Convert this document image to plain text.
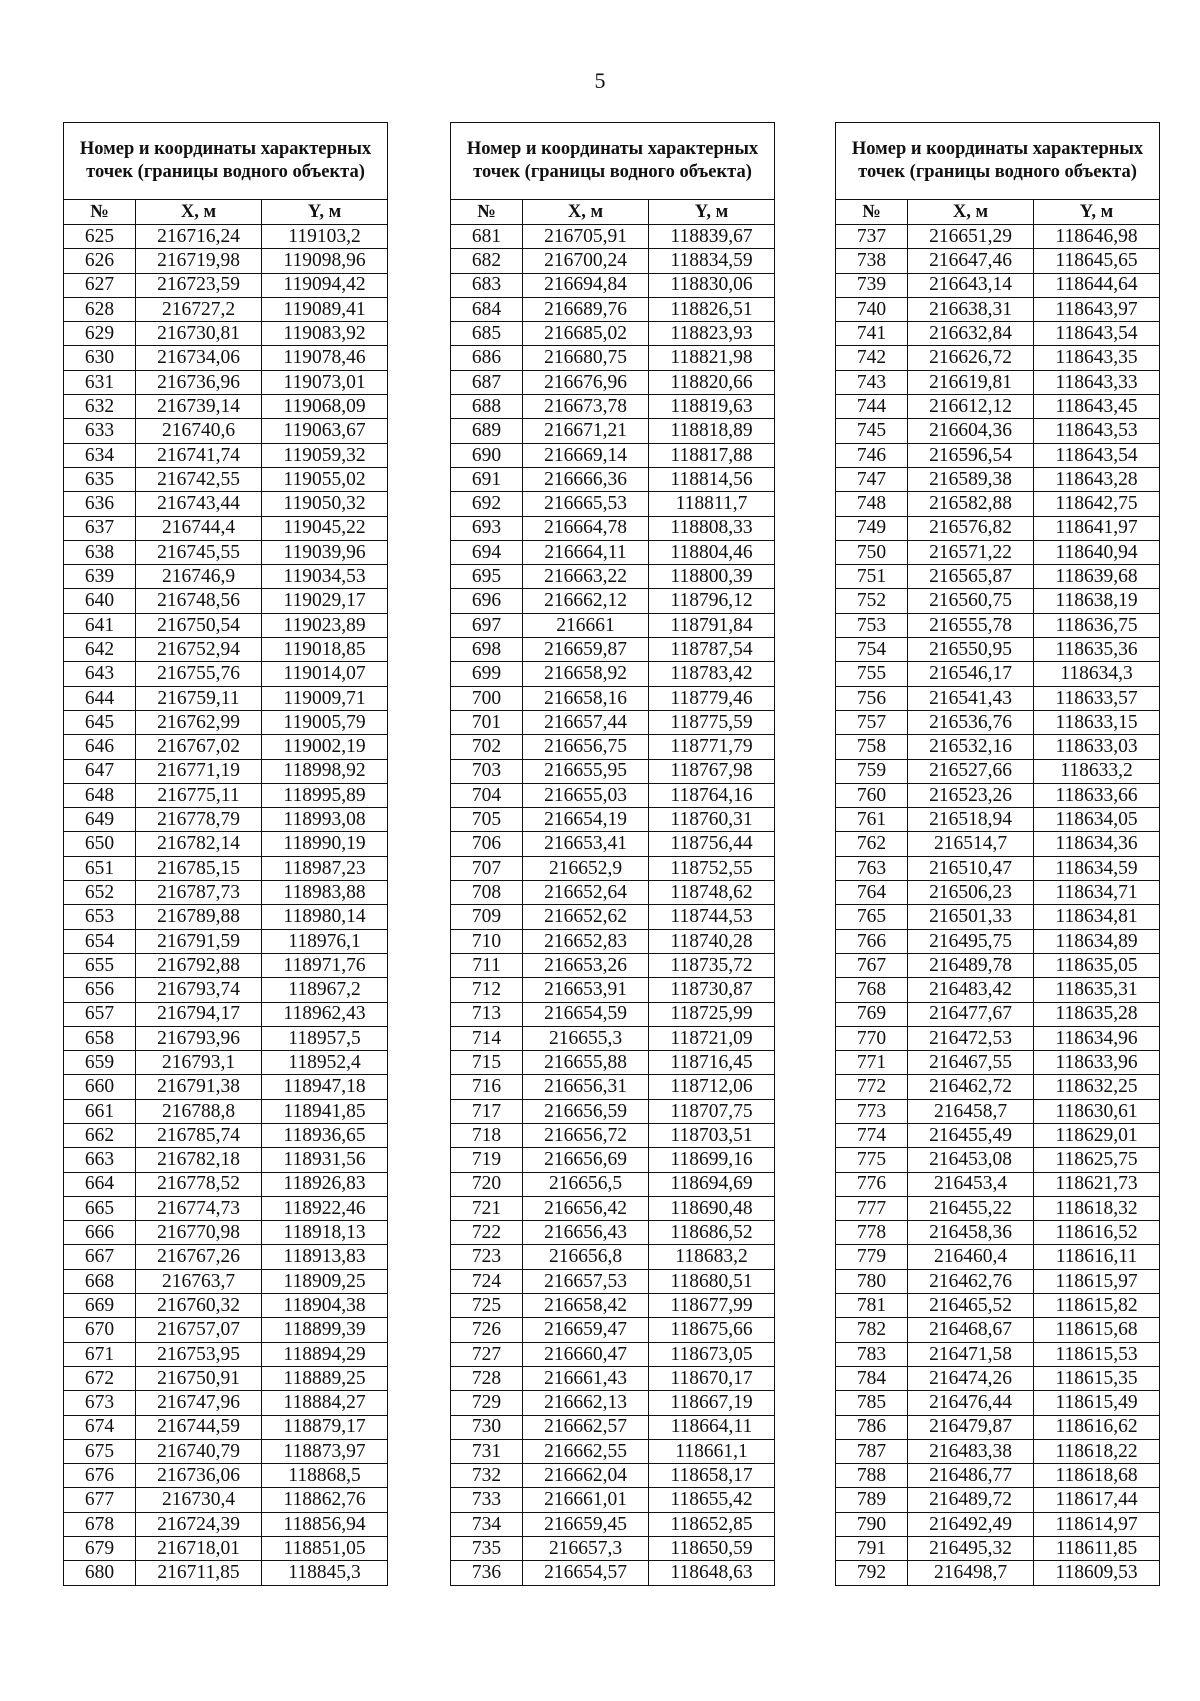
5
Номер и координаты характерных точек (границы водного объекта)		
№	X, м	Y, м
625	216716,24	119103,2
626	216719,98	119098,96
627	216723,59	119094,42
628	216727,2	119089,41
629	216730,81	119083,92
630	216734,06	119078,46
631	216736,96	119073,01
632	216739,14	119068,09
633	216740,6	119063,67
634	216741,74	119059,32
635	216742,55	119055,02
636	216743,44	119050,32
637	216744,4	119045,22
638	216745,55	119039,96
639	216746,9	119034,53
640	216748,56	119029,17
641	216750,54	119023,89
642	216752,94	119018,85
643	216755,76	119014,07
644	216759,11	119009,71
645	216762,99	119005,79
646	216767,02	119002,19
647	216771,19	118998,92
648	216775,11	118995,89
649	216778,79	118993,08
650	216782,14	118990,19
651	216785,15	118987,23
652	216787,73	118983,88
653	216789,88	118980,14
654	216791,59	118976,1
655	216792,88	118971,76
656	216793,74	118967,2
657	216794,17	118962,43
658	216793,96	118957,5
659	216793,1	118952,4
660	216791,38	118947,18
661	216788,8	118941,85
662	216785,74	118936,65
663	216782,18	118931,56
664	216778,52	118926,83
665	216774,73	118922,46
666	216770,98	118918,13
667	216767,26	118913,83
668	216763,7	118909,25
669	216760,32	118904,38
670	216757,07	118899,39
671	216753,95	118894,29
672	216750,91	118889,25
673	216747,96	118884,27
674	216744,59	118879,17
675	216740,79	118873,97
676	216736,06	118868,5
677	216730,4	118862,76
678	216724,39	118856,94
679	216718,01	118851,05
680	216711,85	118845,3
Номер и координаты характерных точек (границы водного объекта)		
№	X, м	Y, м
681	216705,91	118839,67
682	216700,24	118834,59
683	216694,84	118830,06
684	216689,76	118826,51
685	216685,02	118823,93
686	216680,75	118821,98
687	216676,96	118820,66
688	216673,78	118819,63
689	216671,21	118818,89
690	216669,14	118817,88
691	216666,36	118814,56
692	216665,53	118811,7
693	216664,78	118808,33
694	216664,11	118804,46
695	216663,22	118800,39
696	216662,12	118796,12
697	216661	118791,84
698	216659,87	118787,54
699	216658,92	118783,42
700	216658,16	118779,46
701	216657,44	118775,59
702	216656,75	118771,79
703	216655,95	118767,98
704	216655,03	118764,16
705	216654,19	118760,31
706	216653,41	118756,44
707	216652,9	118752,55
708	216652,64	118748,62
709	216652,62	118744,53
710	216652,83	118740,28
711	216653,26	118735,72
712	216653,91	118730,87
713	216654,59	118725,99
714	216655,3	118721,09
715	216655,88	118716,45
716	216656,31	118712,06
717	216656,59	118707,75
718	216656,72	118703,51
719	216656,69	118699,16
720	216656,5	118694,69
721	216656,42	118690,48
722	216656,43	118686,52
723	216656,8	118683,2
724	216657,53	118680,51
725	216658,42	118677,99
726	216659,47	118675,66
727	216660,47	118673,05
728	216661,43	118670,17
729	216662,13	118667,19
730	216662,57	118664,11
731	216662,55	118661,1
732	216662,04	118658,17
733	216661,01	118655,42
734	216659,45	118652,85
735	216657,3	118650,59
736	216654,57	118648,63
Номер и координаты характерных точек (границы водного объекта)		
№	X, м	Y, м
737	216651,29	118646,98
738	216647,46	118645,65
739	216643,14	118644,64
740	216638,31	118643,97
741	216632,84	118643,54
742	216626,72	118643,35
743	216619,81	118643,33
744	216612,12	118643,45
745	216604,36	118643,53
746	216596,54	118643,54
747	216589,38	118643,28
748	216582,88	118642,75
749	216576,82	118641,97
750	216571,22	118640,94
751	216565,87	118639,68
752	216560,75	118638,19
753	216555,78	118636,75
754	216550,95	118635,36
755	216546,17	118634,3
756	216541,43	118633,57
757	216536,76	118633,15
758	216532,16	118633,03
759	216527,66	118633,2
760	216523,26	118633,66
761	216518,94	118634,05
762	216514,7	118634,36
763	216510,47	118634,59
764	216506,23	118634,71
765	216501,33	118634,81
766	216495,75	118634,89
767	216489,78	118635,05
768	216483,42	118635,31
769	216477,67	118635,28
770	216472,53	118634,96
771	216467,55	118633,96
772	216462,72	118632,25
773	216458,7	118630,61
774	216455,49	118629,01
775	216453,08	118625,75
776	216453,4	118621,73
777	216455,22	118618,32
778	216458,36	118616,52
779	216460,4	118616,11
780	216462,76	118615,97
781	216465,52	118615,82
782	216468,67	118615,68
783	216471,58	118615,53
784	216474,26	118615,35
785	216476,44	118615,49
786	216479,87	118616,62
787	216483,38	118618,22
788	216486,77	118618,68
789	216489,72	118617,44
790	216492,49	118614,97
791	216495,32	118611,85
792	216498,7	118609,53
